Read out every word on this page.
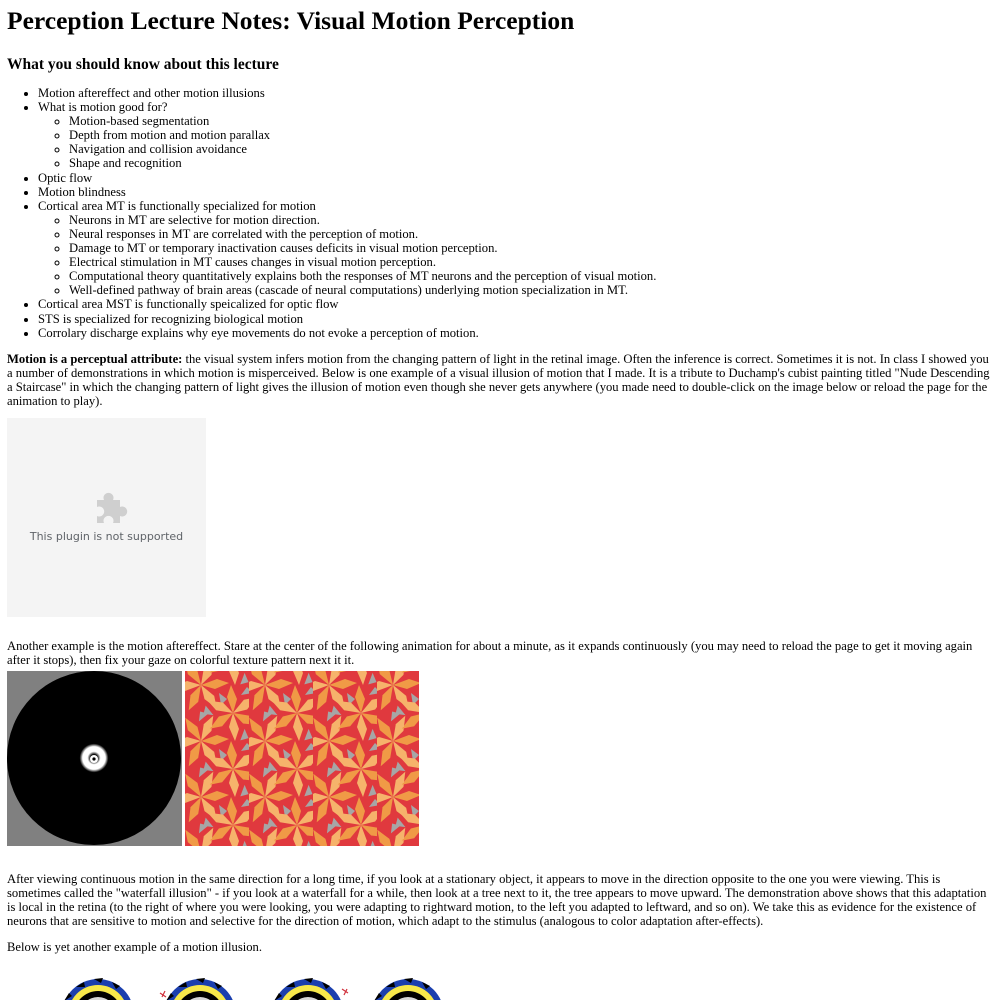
Perception Lecture Notes: Visual Motion Perception
What you should know about this lecture
• Motion aftereffect and other motion illusions
• What is motion good for?
◦ Motion-based segmentation
◦ Depth from motion and motion parallax
◦ Navigation and collision avoidance
◦ Shape and recognition
• Optic flow
• Motion blindness
• Cortical area MT is functionally specialized for motion
◦ Neurons in MT are selective for motion direction.
◦ Neural responses in MT are correlated with the perception of motion.
◦ Damage to MT or temporary inactivation causes deficits in visual motion perception.
◦ Electrical stimulation in MT causes changes in visual motion perception.
◦ Computational theory quantitatively explains both the responses of MT neurons and the perception of visual motion.
◦ Well-defined pathway of brain areas (cascade of neural computations) underlying motion specialization in MT.
• Cortical area MST is functionally speicalized for optic flow
• STS is specialized for recognizing biological motion
• Corrolary discharge explains why eye movements do not evoke a perception of motion.

Motion is a perceptual attribute: the visual system infers motion from the changing pattern of light in the retinal image. Often the inference is correct. Sometimes it is not. In class I showed you a number of demonstrations in which motion is misperceived. Below is one example of a visual illusion of motion that I made. It is a tribute to Duchamp's cubist painting titled "Nude Descending a Staircase" in which the changing pattern of light gives the illusion of motion even though she never gets anywhere (you made need to double-click on the image below or reload the page for the animation to play).

Another example is the motion aftereffect. Stare at the center of the following animation for about a minute, as it expands continuously (you may need to reload the page to get it moving again after it stops), then fix your gaze on colorful texture pattern next it it.

After viewing continuous motion in the same direction for a long time, if you look at a stationary object, it appears to move in the direction opposite to the one you were viewing. This is sometimes called the "waterfall illusion" - if you look at a waterfall for a while, then look at a tree next to it, the tree appears to move upward. The demonstration above shows that this adaptation is local in the retina (to the right of where you were looking, you were adapting to rightward motion, to the left you adapted to leftward, and so on). We take this as evidence for the existence of neurons that are sensitive to motion and selective for the direction of motion, which adapt to the stimulus (analogous to color adaptation after-effects).

Below is yet another example of a motion illusion.

This plugin is not supported
